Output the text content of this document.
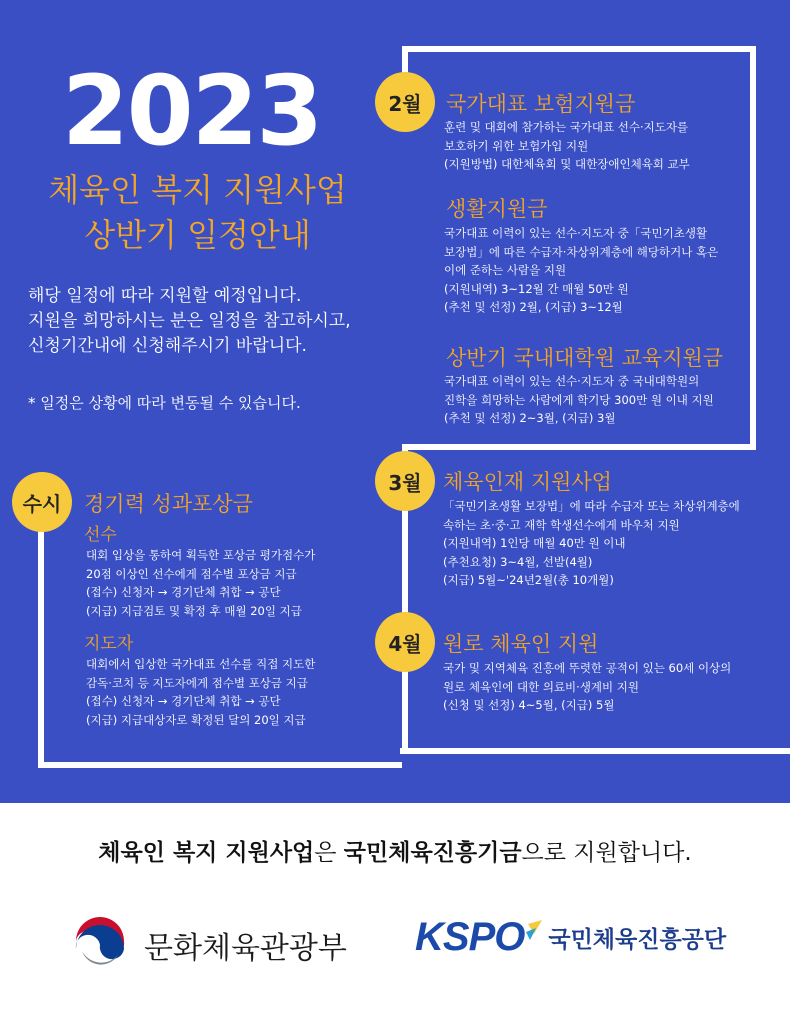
2023
체육인 복지 지원사업
상반기 일정안내
해당 일정에 따라 지원할 예정입니다.
지원을 희망하시는 분은 일정을 참고하시고,
신청기간내에 신청해주시기 바랍니다.
* 일정은 상황에 따라 변동될 수 있습니다.
2월	국가대표 보험지원금
훈련 및 대회에 참가하는 국가대표 선수·지도자를
보호하기 위한 보험가입 지원
(지원방법) 대한체육회 및 대한장애인체육회 교부
생활지원금
국가대표 이력이 있는 선수·지도자 중「국민기초생활
보장법」에 따른 수급자·차상위계층에 해당하거나 혹은
이에 준하는 사람을 지원
(지원내역) 3~12월 간 매월 50만 원
(추천 및 선정) 2월, (지급) 3~12월
상반기 국내대학원 교육지원금
국가대표 이력이 있는 선수·지도자 중 국내대학원의
진학을 희망하는 사람에게 학기당 300만 원 이내 지원
(추천 및 선정) 2~3월, (지급) 3월
3월	체육인재 지원사업
「국민기초생활 보장법」에 따라 수급자 또는 차상위계층에
속하는 초·중·고 재학 학생선수에게 바우처 지원
(지원내역) 1인당 매월 40만 원 이내
(추천요청) 3~4월, 선발(4월)
(지급) 5월~'24년2월(총 10개월)
4월	원로 체육인 지원
국가 및 지역체육 진흥에 뚜렷한 공적이 있는 60세 이상의
원로 체육인에 대한 의료비·생계비 지원
(신청 및 선정) 4~5월, (지급) 5월
수시	경기력 성과포상금
선수
대회 입상을 통하여 획득한 포상금 평가점수가
20점 이상인 선수에게 점수별 포상금 지급
(접수) 신청자 → 경기단체 취합 → 공단
(지급) 지급검토 및 확정 후 매월 20일 지급
지도자
대회에서 입상한 국가대표 선수를 직접 지도한
감독·코치 등 지도자에게 점수별 포상금 지급
(접수) 신청자 → 경기단체 취합 → 공단
(지급) 지급대상자로 확정된 달의 20일 지급
체육인 복지 지원사업은 국민체육진흥기금으로 지원합니다.
문화체육관광부 KSPO 국민체육진흥공단
